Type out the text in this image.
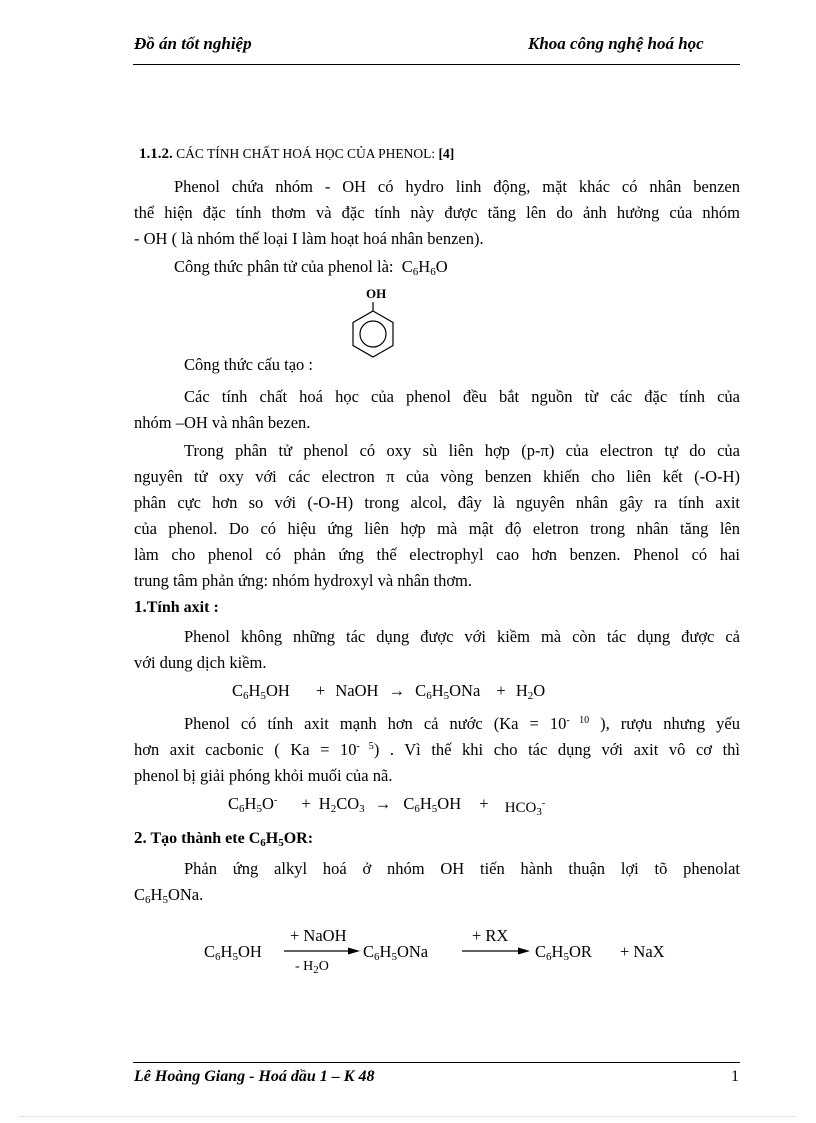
Đồ án tốt nghiệp	Khoa công nghệ hoá học
1.1.2. CÁC TÍNH CHẤT HOÁ HỌC CỦA PHENOL: [4]
Phenol chứa nhóm - OH có hydro linh động, mặt khác có nhân benzen
thể hiện đặc tính thơm và đặc tính này được tăng lên do ảnh hưởng của nhóm
- OH ( là nhóm thế loại I làm hoạt hoá nhân benzen).
Công thức phân tử của phenol là:  $C_6H_6O$
OH
Công thức cấu tạo :
Các tính chất hoá học của phenol đều bắt nguồn từ các đặc tính của
nhóm –OH và nhân bezen.
Trong phân tử phenol có oxy sù liên hợp (p-π) của electron tự do của
nguyên tử oxy với các electron π của vòng benzen khiến cho liên kết (-O-H)
phân cực hơn so với (-O-H) trong alcol, đây là nguyên nhân gây ra tính axit
của phenol. Do có hiệu ứng liên hợp mà mật độ eletron trong nhân tăng lên
làm cho phenol có phản ứng thế electrophyl cao hơn benzen. Phenol có hai
trung tâm phản ứng: nhóm hydroxyl và nhân thơm.
1.Tính axit :
Phenol không những tác dụng được với kiềm mà còn tác dụng được cả
với dung dịch kiềm.
$C_6H_5OH$ + NaOH → $C_6H_5ONa + H_2O$
Phenol có tính axit mạnh hơn cả nước ($Ka = 10^{- 10}$ ), rượu nhưng yếu
hơn axit cacbonic ( $Ka = 10^{- 5}$) . Vì thế khi cho tác dụng với axit vô cơ thì
phenol bị giải phóng khỏi muối của nã.
$C_6H_5O^- + H_2CO_3 \to C_6H_5OH + HCO_3^-$
2. Tạo thành ete $C_6H_5OR$:
Phản ứng alkyl hoá ở nhóm OH tiến hành thuận lợi tõ phenolat
$C_6H_5ONa$.
$C_6H_5OH$
+ NaOH
- $H_2O$
$C_6H_5ONa$
+ RX
$C_6H_5OR$ + NaX
Lê Hoàng Giang - Hoá dầu 1 – K 48	1
